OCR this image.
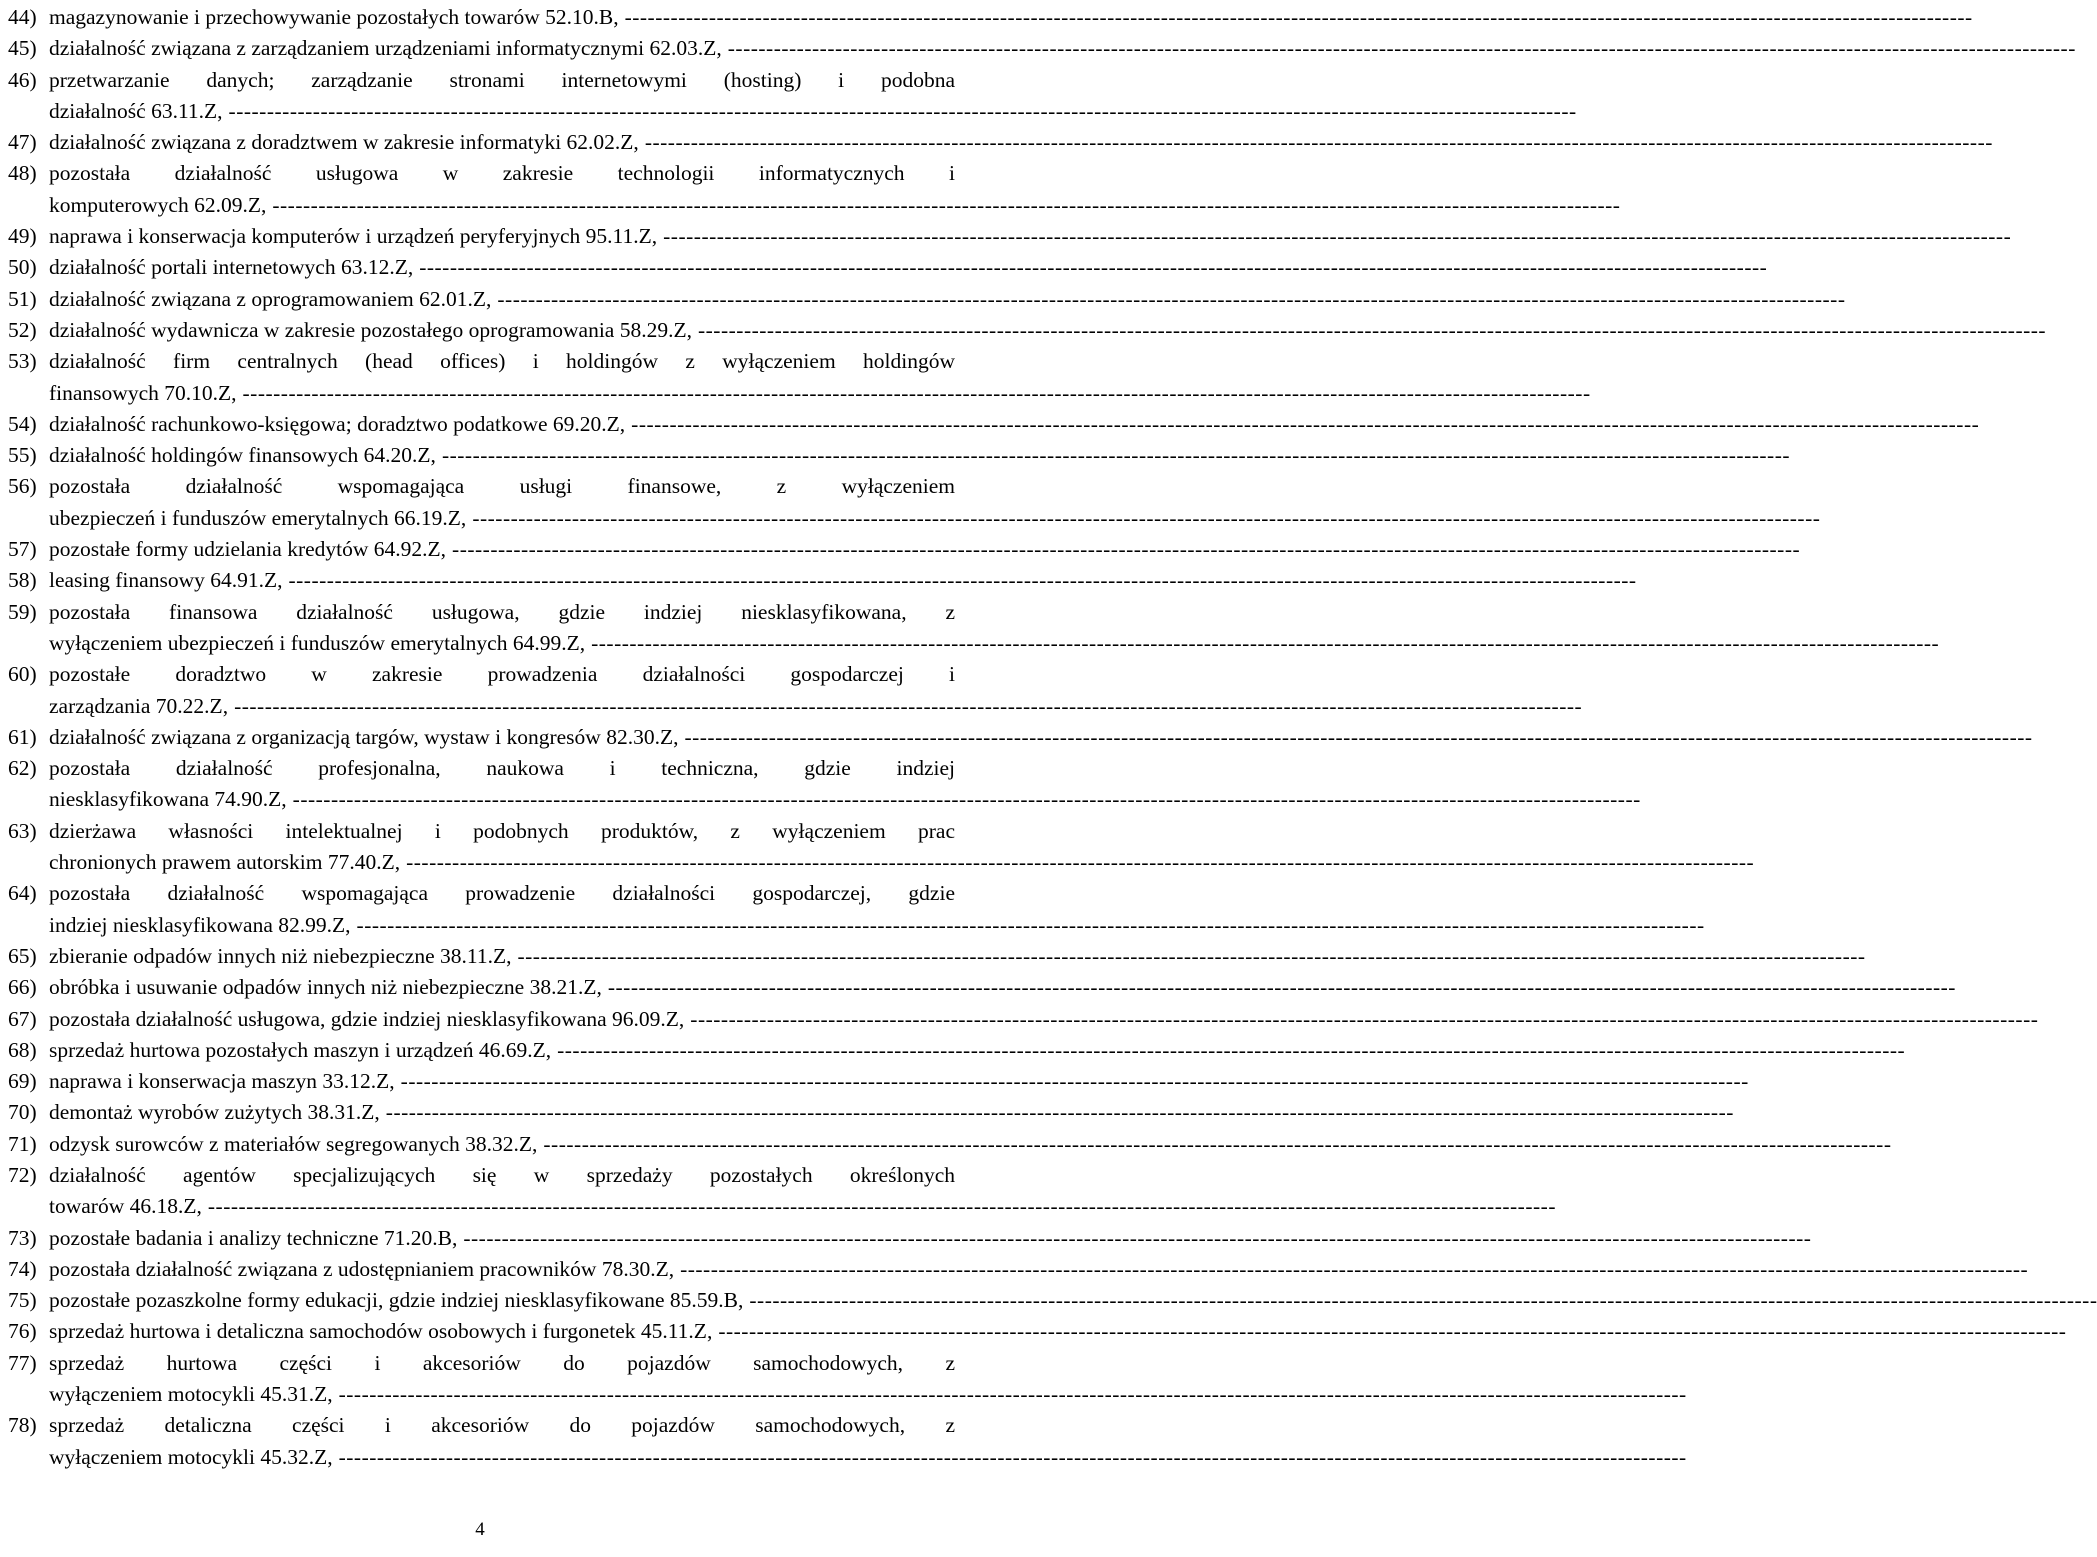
44) magazynowanie i przechowywanie pozostałych towarów 52.10.B, --------------------------------------------------------------------------------------------------------------------------------------------------------------------------------
45) działalność związana z zarządzaniem urządzeniami informatycznymi 62.03.Z, --------------------------------------------------------------------------------------------------------------------------------------------------------------------------------
46) przetwarzanie danych; zarządzanie stronami internetowymi (hosting) i podobna
działalność 63.11.Z, --------------------------------------------------------------------------------------------------------------------------------------------------------------------------------
47) działalność związana z doradztwem w zakresie informatyki 62.02.Z, --------------------------------------------------------------------------------------------------------------------------------------------------------------------------------
48) pozostała działalność usługowa w zakresie technologii informatycznych i
komputerowych 62.09.Z, --------------------------------------------------------------------------------------------------------------------------------------------------------------------------------
49) naprawa i konserwacja komputerów i urządzeń peryferyjnych 95.11.Z, --------------------------------------------------------------------------------------------------------------------------------------------------------------------------------
50) działalność portali internetowych 63.12.Z, --------------------------------------------------------------------------------------------------------------------------------------------------------------------------------
51) działalność związana z oprogramowaniem 62.01.Z, --------------------------------------------------------------------------------------------------------------------------------------------------------------------------------
52) działalność wydawnicza w zakresie pozostałego oprogramowania 58.29.Z, --------------------------------------------------------------------------------------------------------------------------------------------------------------------------------
53) działalność firm centralnych (head offices) i holdingów z wyłączeniem holdingów
finansowych 70.10.Z, --------------------------------------------------------------------------------------------------------------------------------------------------------------------------------
54) działalność rachunkowo-księgowa; doradztwo podatkowe 69.20.Z, --------------------------------------------------------------------------------------------------------------------------------------------------------------------------------
55) działalność holdingów finansowych 64.20.Z, --------------------------------------------------------------------------------------------------------------------------------------------------------------------------------
56) pozostała działalność wspomagająca usługi finansowe, z wyłączeniem
ubezpieczeń i funduszów emerytalnych 66.19.Z, --------------------------------------------------------------------------------------------------------------------------------------------------------------------------------
57) pozostałe formy udzielania kredytów 64.92.Z, --------------------------------------------------------------------------------------------------------------------------------------------------------------------------------
58) leasing finansowy 64.91.Z, --------------------------------------------------------------------------------------------------------------------------------------------------------------------------------
59) pozostała finansowa działalność usługowa, gdzie indziej niesklasyfikowana, z
wyłączeniem ubezpieczeń i funduszów emerytalnych 64.99.Z, --------------------------------------------------------------------------------------------------------------------------------------------------------------------------------
60) pozostałe doradztwo w zakresie prowadzenia działalności gospodarczej i
zarządzania 70.22.Z, --------------------------------------------------------------------------------------------------------------------------------------------------------------------------------
61) działalność związana z organizacją targów, wystaw i kongresów 82.30.Z, --------------------------------------------------------------------------------------------------------------------------------------------------------------------------------
62) pozostała działalność profesjonalna, naukowa i techniczna, gdzie indziej
niesklasyfikowana 74.90.Z, --------------------------------------------------------------------------------------------------------------------------------------------------------------------------------
63) dzierżawa własności intelektualnej i podobnych produktów, z wyłączeniem prac
chronionych prawem autorskim 77.40.Z, --------------------------------------------------------------------------------------------------------------------------------------------------------------------------------
64) pozostała działalność wspomagająca prowadzenie działalności gospodarczej, gdzie
indziej niesklasyfikowana 82.99.Z, --------------------------------------------------------------------------------------------------------------------------------------------------------------------------------
65) zbieranie odpadów innych niż niebezpieczne 38.11.Z, --------------------------------------------------------------------------------------------------------------------------------------------------------------------------------
66) obróbka i usuwanie odpadów innych niż niebezpieczne 38.21.Z, --------------------------------------------------------------------------------------------------------------------------------------------------------------------------------
67) pozostała działalność usługowa, gdzie indziej niesklasyfikowana 96.09.Z, --------------------------------------------------------------------------------------------------------------------------------------------------------------------------------
68) sprzedaż hurtowa pozostałych maszyn i urządzeń 46.69.Z, --------------------------------------------------------------------------------------------------------------------------------------------------------------------------------
69) naprawa i konserwacja maszyn 33.12.Z, --------------------------------------------------------------------------------------------------------------------------------------------------------------------------------
70) demontaż wyrobów zużytych 38.31.Z, --------------------------------------------------------------------------------------------------------------------------------------------------------------------------------
71) odzysk surowców z materiałów segregowanych 38.32.Z, --------------------------------------------------------------------------------------------------------------------------------------------------------------------------------
72) działalność agentów specjalizujących się w sprzedaży pozostałych określonych
towarów 46.18.Z, --------------------------------------------------------------------------------------------------------------------------------------------------------------------------------
73) pozostałe badania i analizy techniczne 71.20.B, --------------------------------------------------------------------------------------------------------------------------------------------------------------------------------
74) pozostała działalność związana z udostępnianiem pracowników 78.30.Z, --------------------------------------------------------------------------------------------------------------------------------------------------------------------------------
75) pozostałe pozaszkolne formy edukacji, gdzie indziej niesklasyfikowane 85.59.B, --------------------------------------------------------------------------------------------------------------------------------------------------------------------------------
76) sprzedaż hurtowa i detaliczna samochodów osobowych i furgonetek 45.11.Z, --------------------------------------------------------------------------------------------------------------------------------------------------------------------------------
77) sprzedaż hurtowa części i akcesoriów do pojazdów samochodowych, z
wyłączeniem motocykli 45.31.Z, --------------------------------------------------------------------------------------------------------------------------------------------------------------------------------
78) sprzedaż detaliczna części i akcesoriów do pojazdów samochodowych, z
wyłączeniem motocykli 45.32.Z, --------------------------------------------------------------------------------------------------------------------------------------------------------------------------------
4
